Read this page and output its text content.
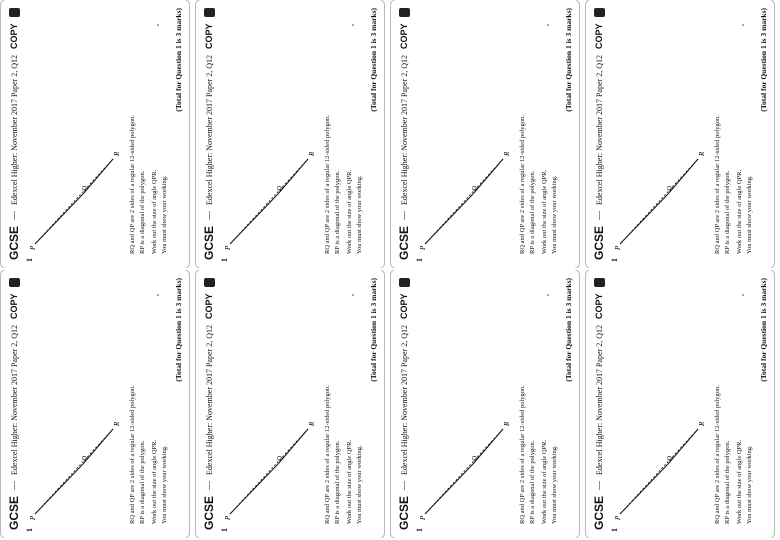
GCSE
—
Edexcel Higher: November 2017 Paper 2, Q12
COPY
1
P
Q
R RQ and QP are 2 sides of a regular 12-sided polygon. RP is a diagonal of the polygon. Work out the size of angle QPR. You must show your working.

° (Total for Question 1 is 3 marks)
GCSE
—
Edexcel Higher: November 2017 Paper 2, Q12
COPY
1
P
Q
R RQ and QP are 2 sides of a regular 12-sided polygon. RP is a diagonal of the polygon. Work out the size of angle QPR. You must show your working.

° (Total for Question 1 is 3 marks)
GCSE
—
Edexcel Higher: November 2017 Paper 2, Q12
COPY
1
P
Q
R RQ and QP are 2 sides of a regular 12-sided polygon. RP is a diagonal of the polygon. Work out the size of angle QPR. You must show your working.

° (Total for Question 1 is 3 marks)
GCSE
—
Edexcel Higher: November 2017 Paper 2, Q12
COPY
1
P
Q
R RQ and QP are 2 sides of a regular 12-sided polygon. RP is a diagonal of the polygon. Work out the size of angle QPR. You must show your working.

° (Total for Question 1 is 3 marks)
GCSE
—
Edexcel Higher: November 2017 Paper 2, Q12
COPY
1
P
Q
R RQ and QP are 2 sides of a regular 12-sided polygon. RP is a diagonal of the polygon. Work out the size of angle QPR. You must show your working.

° (Total for Question 1 is 3 marks)
GCSE
—
Edexcel Higher: November 2017 Paper 2, Q12
COPY
1
P
Q
R RQ and QP are 2 sides of a regular 12-sided polygon. RP is a diagonal of the polygon. Work out the size of angle QPR. You must show your working.

° (Total for Question 1 is 3 marks)
GCSE
—
Edexcel Higher: November 2017 Paper 2, Q12
COPY
1
P
Q
R RQ and QP are 2 sides of a regular 12-sided polygon. RP is a diagonal of the polygon. Work out the size of angle QPR. You must show your working.

° (Total for Question 1 is 3 marks)
GCSE
—
Edexcel Higher: November 2017 Paper 2, Q12
COPY
1
P
Q
R RQ and QP are 2 sides of a regular 12-sided polygon. RP is a diagonal of the polygon. Work out the size of angle QPR. You must show your working.

° (Total for Question 1 is 3 marks)
